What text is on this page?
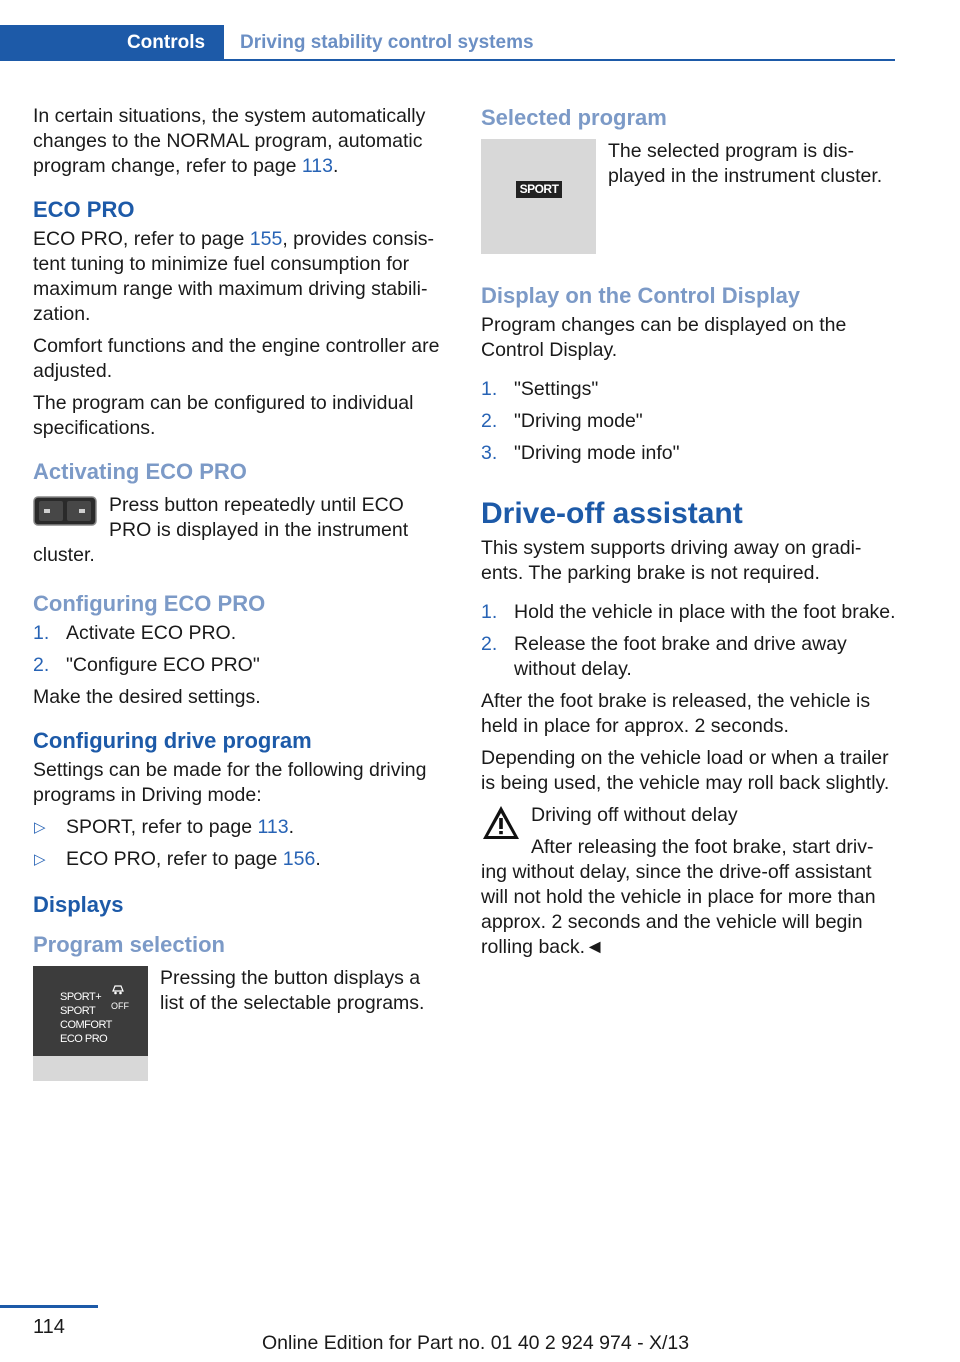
Controls	Driving stability control systems

In certain situations, the system automatically changes to the NORMAL program, automatic program change, refer to page 113.

ECO PRO

ECO PRO, refer to page 155, provides consis-tent tuning to minimize fuel consumption for maximum range with maximum driving stabili-zation.

Comfort functions and the engine controller are adjusted.

The program can be configured to individual specifications.

Activating ECO PRO

Press button repeatedly until ECO PRO is displayed in the instrument cluster.

Configuring ECO PRO
1. Activate ECO PRO.
2. "Configure ECO PRO"

Make the desired settings.

Configuring drive program

Settings can be made for the following driving programs in Driving mode:

▷ SPORT, refer to page 113.
▷ ECO PRO, refer to page 156.
Displays
Program selection
SPORT+
SPORT
COMFORT
ECO PRO
OFF

Pressing the button displays a list of the selectable programs.

Selected program
SPORT

The selected program is dis-played in the instrument cluster.

Display on the Control Display

Program changes can be displayed on the Control Display.

1. "Settings"
2. "Driving mode"
3. "Driving mode info"
Drive-off assistant

This system supports driving away on gradi-ents. The parking brake is not required.

1. Hold the vehicle in place with the foot brake.
2. Release the foot brake and drive away without delay.

After the foot brake is released, the vehicle is held in place for approx. 2 seconds.

Depending on the vehicle load or when a trailer is being used, the vehicle may roll back slightly.

Driving off without delay

After releasing the foot brake, start driv-ing without delay, since the drive-off assistant will not hold the vehicle in place for more than approx. 2 seconds and the vehicle will begin rolling back.◄

114
Online Edition for Part no. 01 40 2 924 974 - X/13
